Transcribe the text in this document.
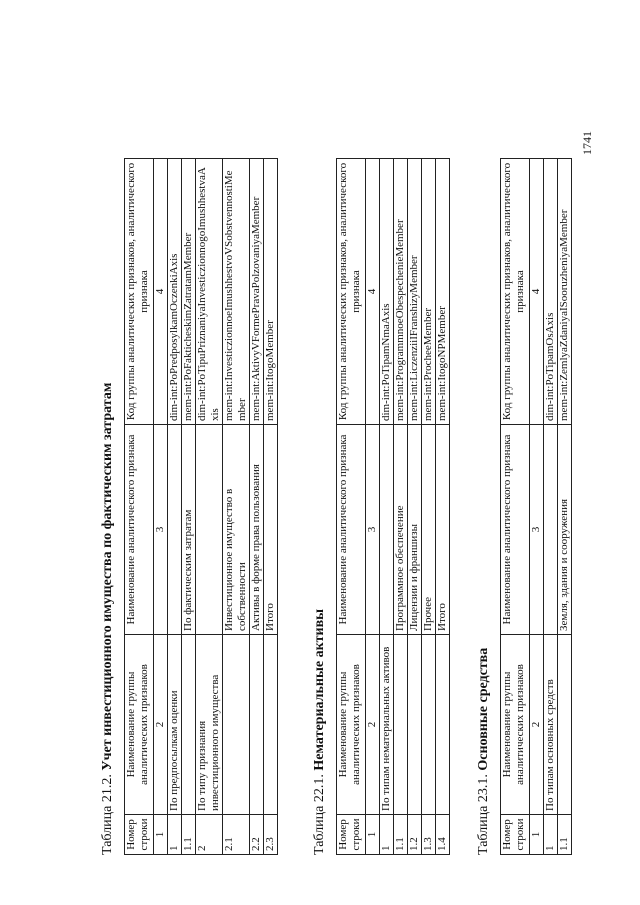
1741
Таблица 21.2. Учет инвестиционного имущества по фактическим затратам
Номер строки	Наименование группы аналитических признаков	Наименование аналитического признака	Код группы аналитических признаков, аналитического признака
1	2	3	4
1	По предпосылкам оценки		dim-int:PoPredposylkamOczenkiAxis
1.1		По фактическим затратам	mem-int:PoFakticheskimZatratamMember
2	По типу признания инвестиционного имущества		dim-int:PoTipuPriznaniyaInvesticzionnogoImushhestvaAxis
2.1		Инвестиционное имущество в собственности	mem-int:InvesticzionnoeImushhestvoVSobstvennostiMember
2.2		Активы в форме права пользования	mem-int:AktivyVFormePravaPolzovaniyaMember
2.3		Итого	mem-int:ItogoMember
Таблица 22.1. Нематериальные активы
Номер строки	Наименование группы аналитических признаков	Наименование аналитического признака	Код группы аналитических признаков, аналитического признака
1	2	3	4
1	По типам нематериальных активов		dim-int:PoTipamNmaAxis
1.1		Программное обеспечение	mem-int:ProgrammnoeObespechenieMember
1.2		Лицензии и франшизы	mem-int:LiczenziiIFranshizyMember
1.3		Прочее	mem-int:ProcheeMember
1.4		Итого	mem-int:ItogoNPMember
Таблица 23.1. Основные средства
Номер строки	Наименование группы аналитических признаков	Наименование аналитического признака	Код группы аналитических признаков, аналитического признака
1	2	3	4
1	По типам основных средств		dim-int:PoTipamOsAxis
1.1		Земля, здания и сооружения	mem-int:ZemlyaZdaniyaISooruzheniyaMember
